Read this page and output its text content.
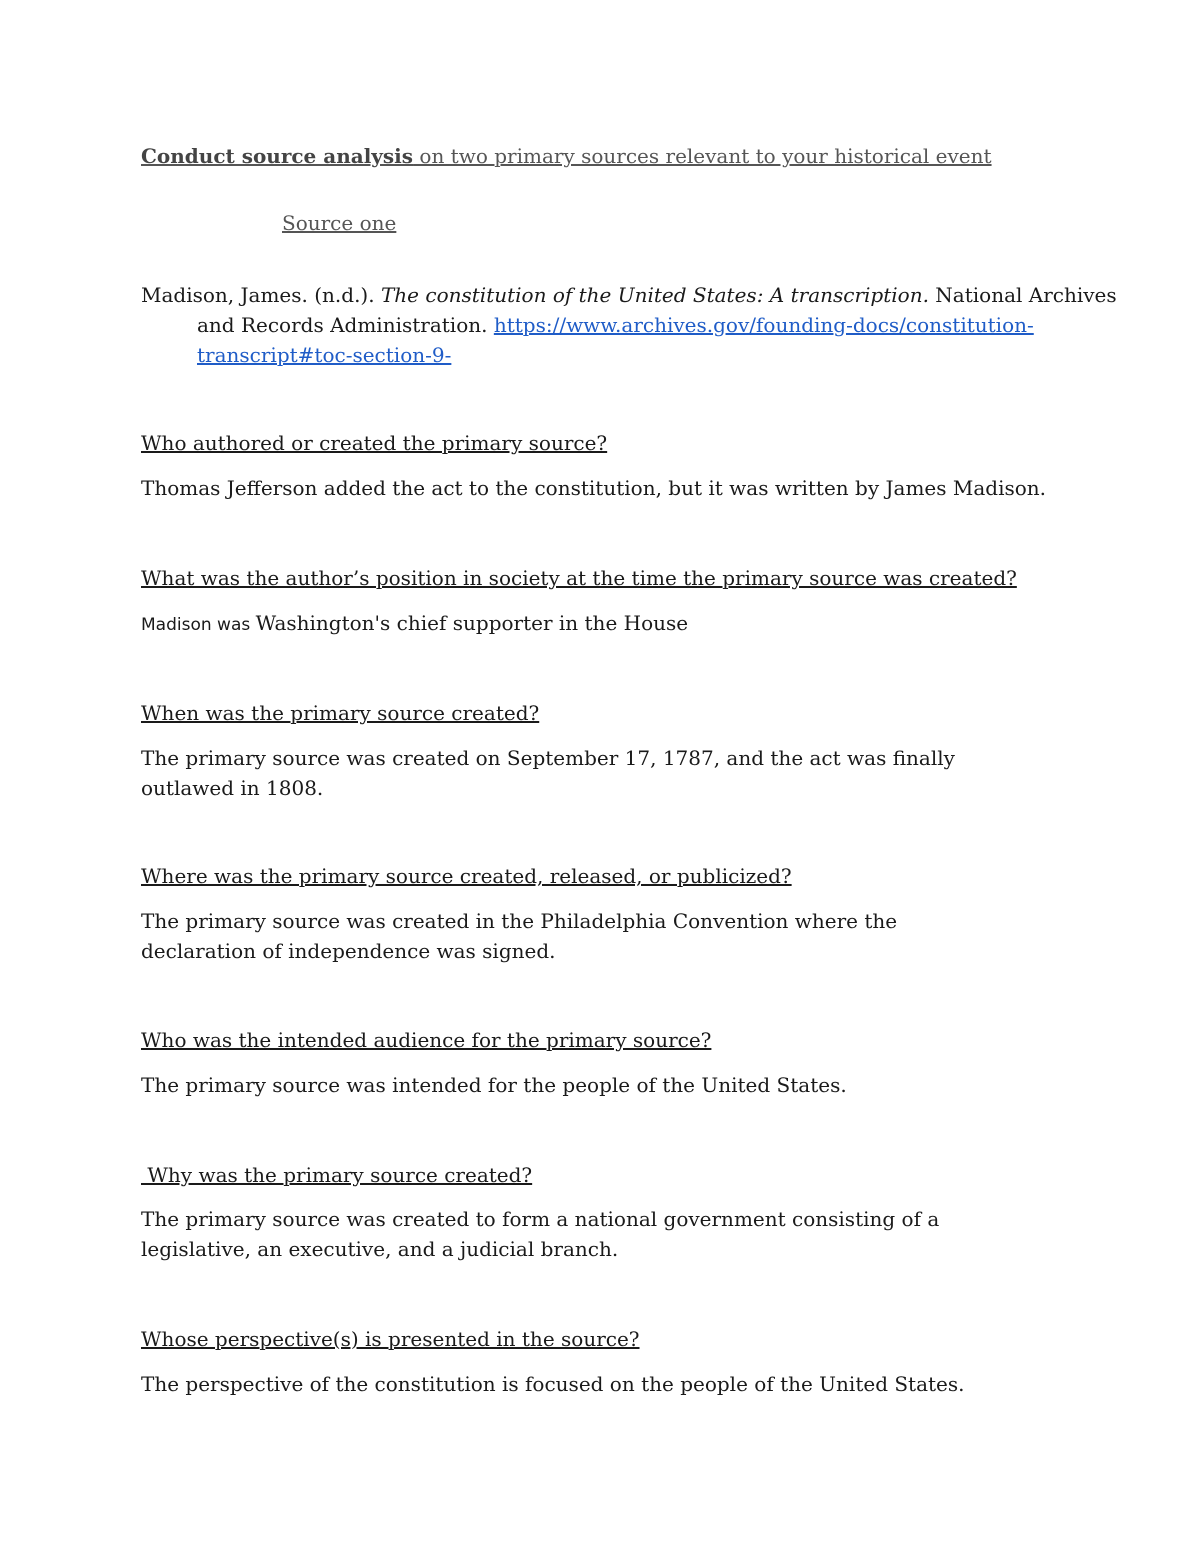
Conduct source analysis on two primary sources relevant to your historical event
Source one
Madison, James. (n.d.). The constitution of the United States: A transcription. National Archives and Records Administration. https://www.archives.gov/founding-docs/constitution-transcript#toc-section-9-
Who authored or created the primary source?
Thomas Jefferson added the act to the constitution, but it was written by James Madison.
What was the author’s position in society at the time the primary source was created?
Madison was Washington's chief supporter in the House
When was the primary source created?
The primary source was created on September 17, 1787, and the act was finally outlawed in 1808.
Where was the primary source created, released, or publicized?
The primary source was created in the Philadelphia Convention where the declaration of independence was signed.
Who was the intended audience for the primary source?
The primary source was intended for the people of the United States.
Why was the primary source created?
The primary source was created to form a national government consisting of a legislative, an executive, and a judicial branch.
Whose perspective(s) is presented in the source?
The perspective of the constitution is focused on the people of the United States.
